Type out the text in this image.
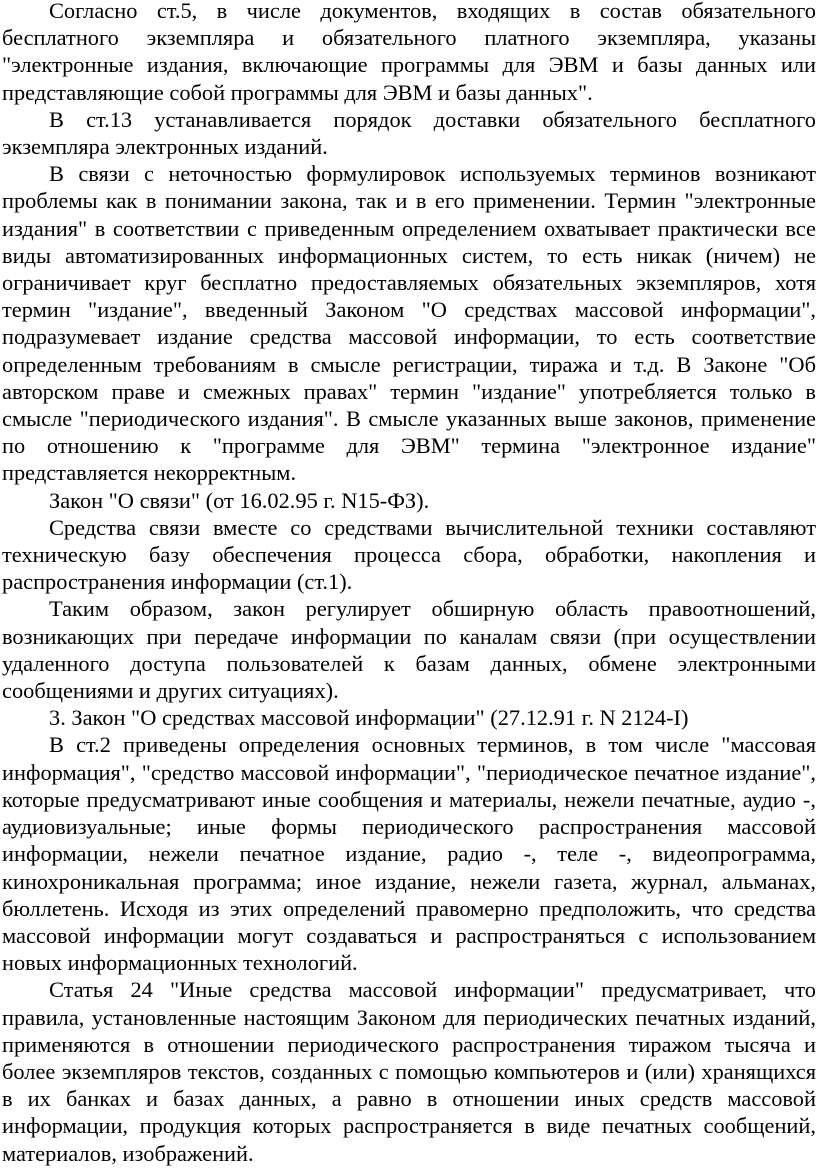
Согласно ст.5, в числе документов, входящих в состав обязательного бесплатного экземпляра и обязательного платного экземпляра, указаны "электронные издания, включающие программы для ЭВМ и базы данных или представляющие собой программы для ЭВМ и базы данных".

В ст.13 устанавливается порядок доставки обязательного бесплатного экземпляра электронных изданий.

В связи с неточностью формулировок используемых терминов возникают проблемы как в понимании закона, так и в его применении. Термин "электронные издания" в соответствии с приведенным определением охватывает практически все виды автоматизированных информационных систем, то есть никак (ничем) не ограничивает круг бесплатно предоставляемых обязательных экземпляров, хотя термин "издание", введенный Законом "О средствах массовой информации", подразумевает издание средства массовой информации, то есть соответствие определенным требованиям в смысле регистрации, тиража и т.д. В Законе "Об авторском праве и смежных правах" термин "издание" употребляется только в смысле "периодического издания". В смысле указанных выше законов, применение по отношению к "программе для ЭВМ" термина "электронное издание" представляется некорректным.

Закон "О связи" (от 16.02.95 г. N15-ФЗ).

Средства связи вместе со средствами вычислительной техники составляют техническую базу обеспечения процесса сбора, обработки, накопления и распространения информации (ст.1).

Таким образом, закон регулирует обширную область правоотношений, возникающих при передаче информации по каналам связи (при осуществлении удаленного доступа пользователей к базам данных, обмене электронными сообщениями и других ситуациях).

3. Закон "О средствах массовой информации" (27.12.91 г. N 2124-I)

В ст.2 приведены определения основных терминов, в том числе "массовая информация", "средство массовой информации", "периодическое печатное издание", которые предусматривают иные сообщения и материалы, нежели печатные, аудио -, аудиовизуальные; иные формы периодического распространения массовой информации, нежели печатное издание, радио -, теле -, видеопрограмма, кинохроникальная программа; иное издание, нежели газета, журнал, альманах, бюллетень. Исходя из этих определений правомерно предположить, что средства массовой информации могут создаваться и распространяться с использованием новых информационных технологий.

Статья 24 "Иные средства массовой информации" предусматривает, что правила, установленные настоящим Законом для периодических печатных изданий, применяются в отношении периодического распространения тиражом тысяча и более экземпляров текстов, созданных с помощью компьютеров и (или) хранящихся в их банках и базах данных, а равно в отношении иных средств массовой информации, продукция которых распространяется в виде печатных сообщений, материалов, изображений.
